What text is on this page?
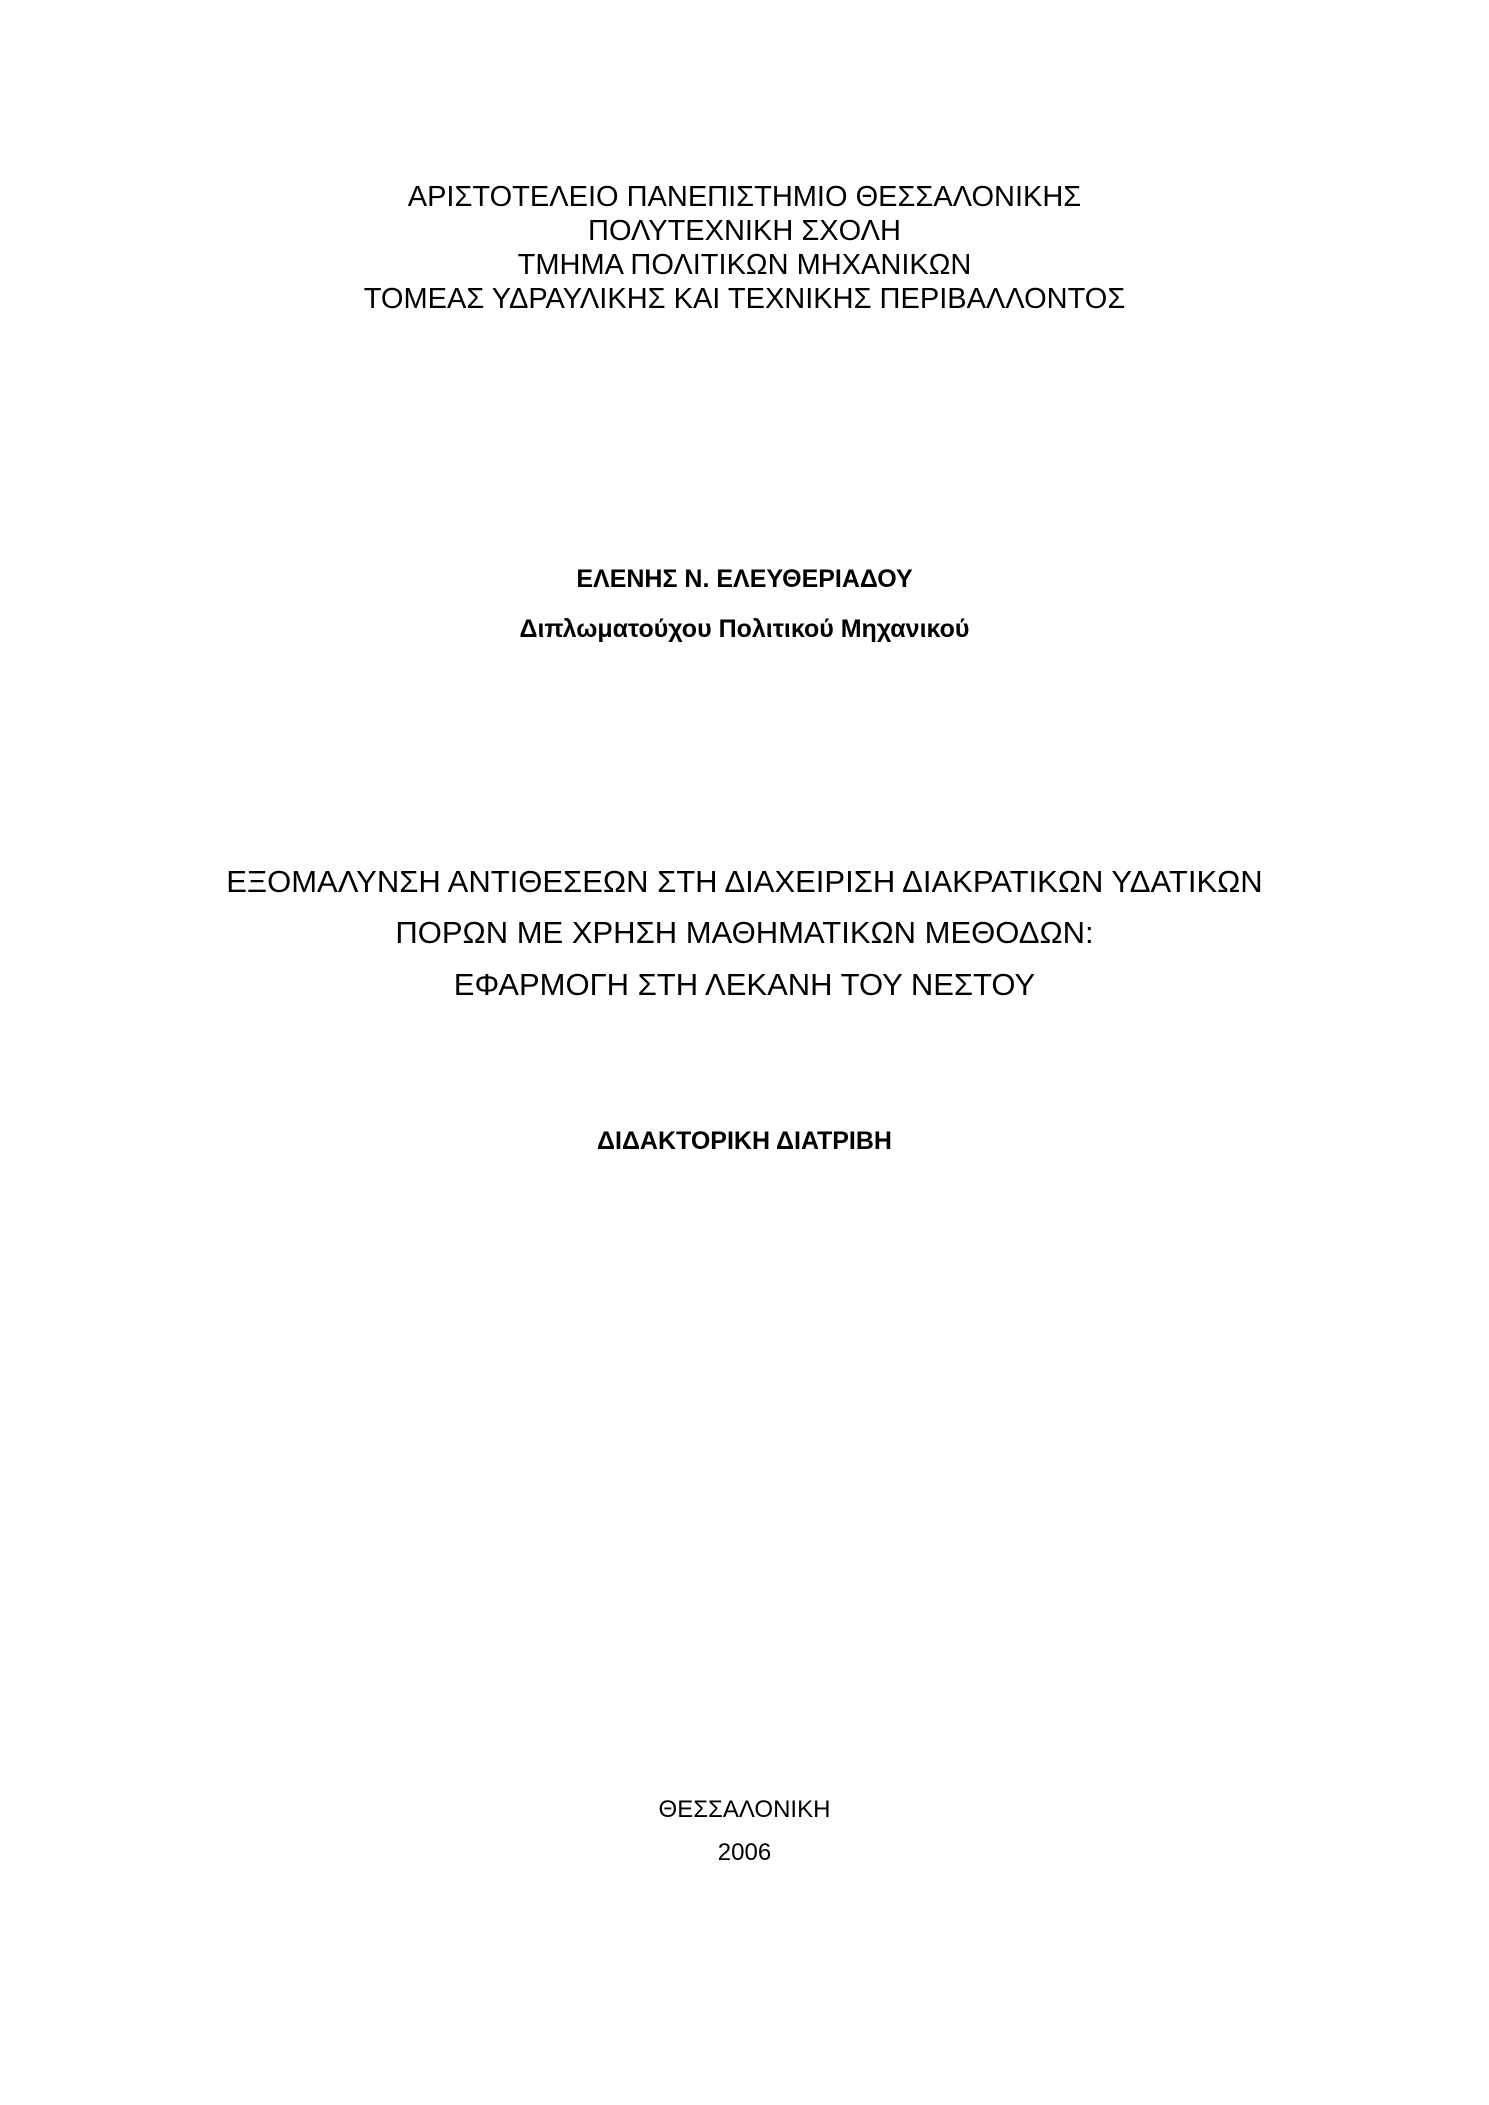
ΑΡΙΣΤΟΤΕΛΕΙΟ ΠΑΝΕΠΙΣΤΗΜΙΟ ΘΕΣΣΑΛΟΝΙΚΗΣ
ΠΟΛΥΤΕΧΝΙΚΗ ΣΧΟΛΗ
ΤΜΗΜΑ ΠΟΛΙΤΙΚΩΝ ΜΗΧΑΝΙΚΩΝ
ΤΟΜΕΑΣ ΥΔΡΑΥΛΙΚΗΣ ΚΑΙ ΤΕΧΝΙΚΗΣ ΠΕΡΙΒΑΛΛΟΝΤΟΣ
ΕΛΕΝΗΣ Ν. ΕΛΕΥΘΕΡΙΑΔΟΥ
Διπλωματούχου Πολιτικού Μηχανικού
ΕΞΟΜΑΛΥΝΣΗ ΑΝΤΙΘΕΣΕΩΝ ΣΤΗ ΔΙΑΧΕΙΡΙΣΗ ΔΙΑΚΡΑΤΙΚΩΝ ΥΔΑΤΙΚΩΝ
ΠΟΡΩΝ ΜΕ ΧΡΗΣΗ ΜΑΘΗΜΑΤΙΚΩΝ ΜΕΘΟΔΩΝ:
ΕΦΑΡΜΟΓΗ ΣΤΗ ΛΕΚΑΝΗ ΤΟΥ ΝΕΣΤΟΥ
ΔΙΔΑΚΤΟΡΙΚΗ ΔΙΑΤΡΙΒΗ
ΘΕΣΣΑΛΟΝΙΚΗ
2006
